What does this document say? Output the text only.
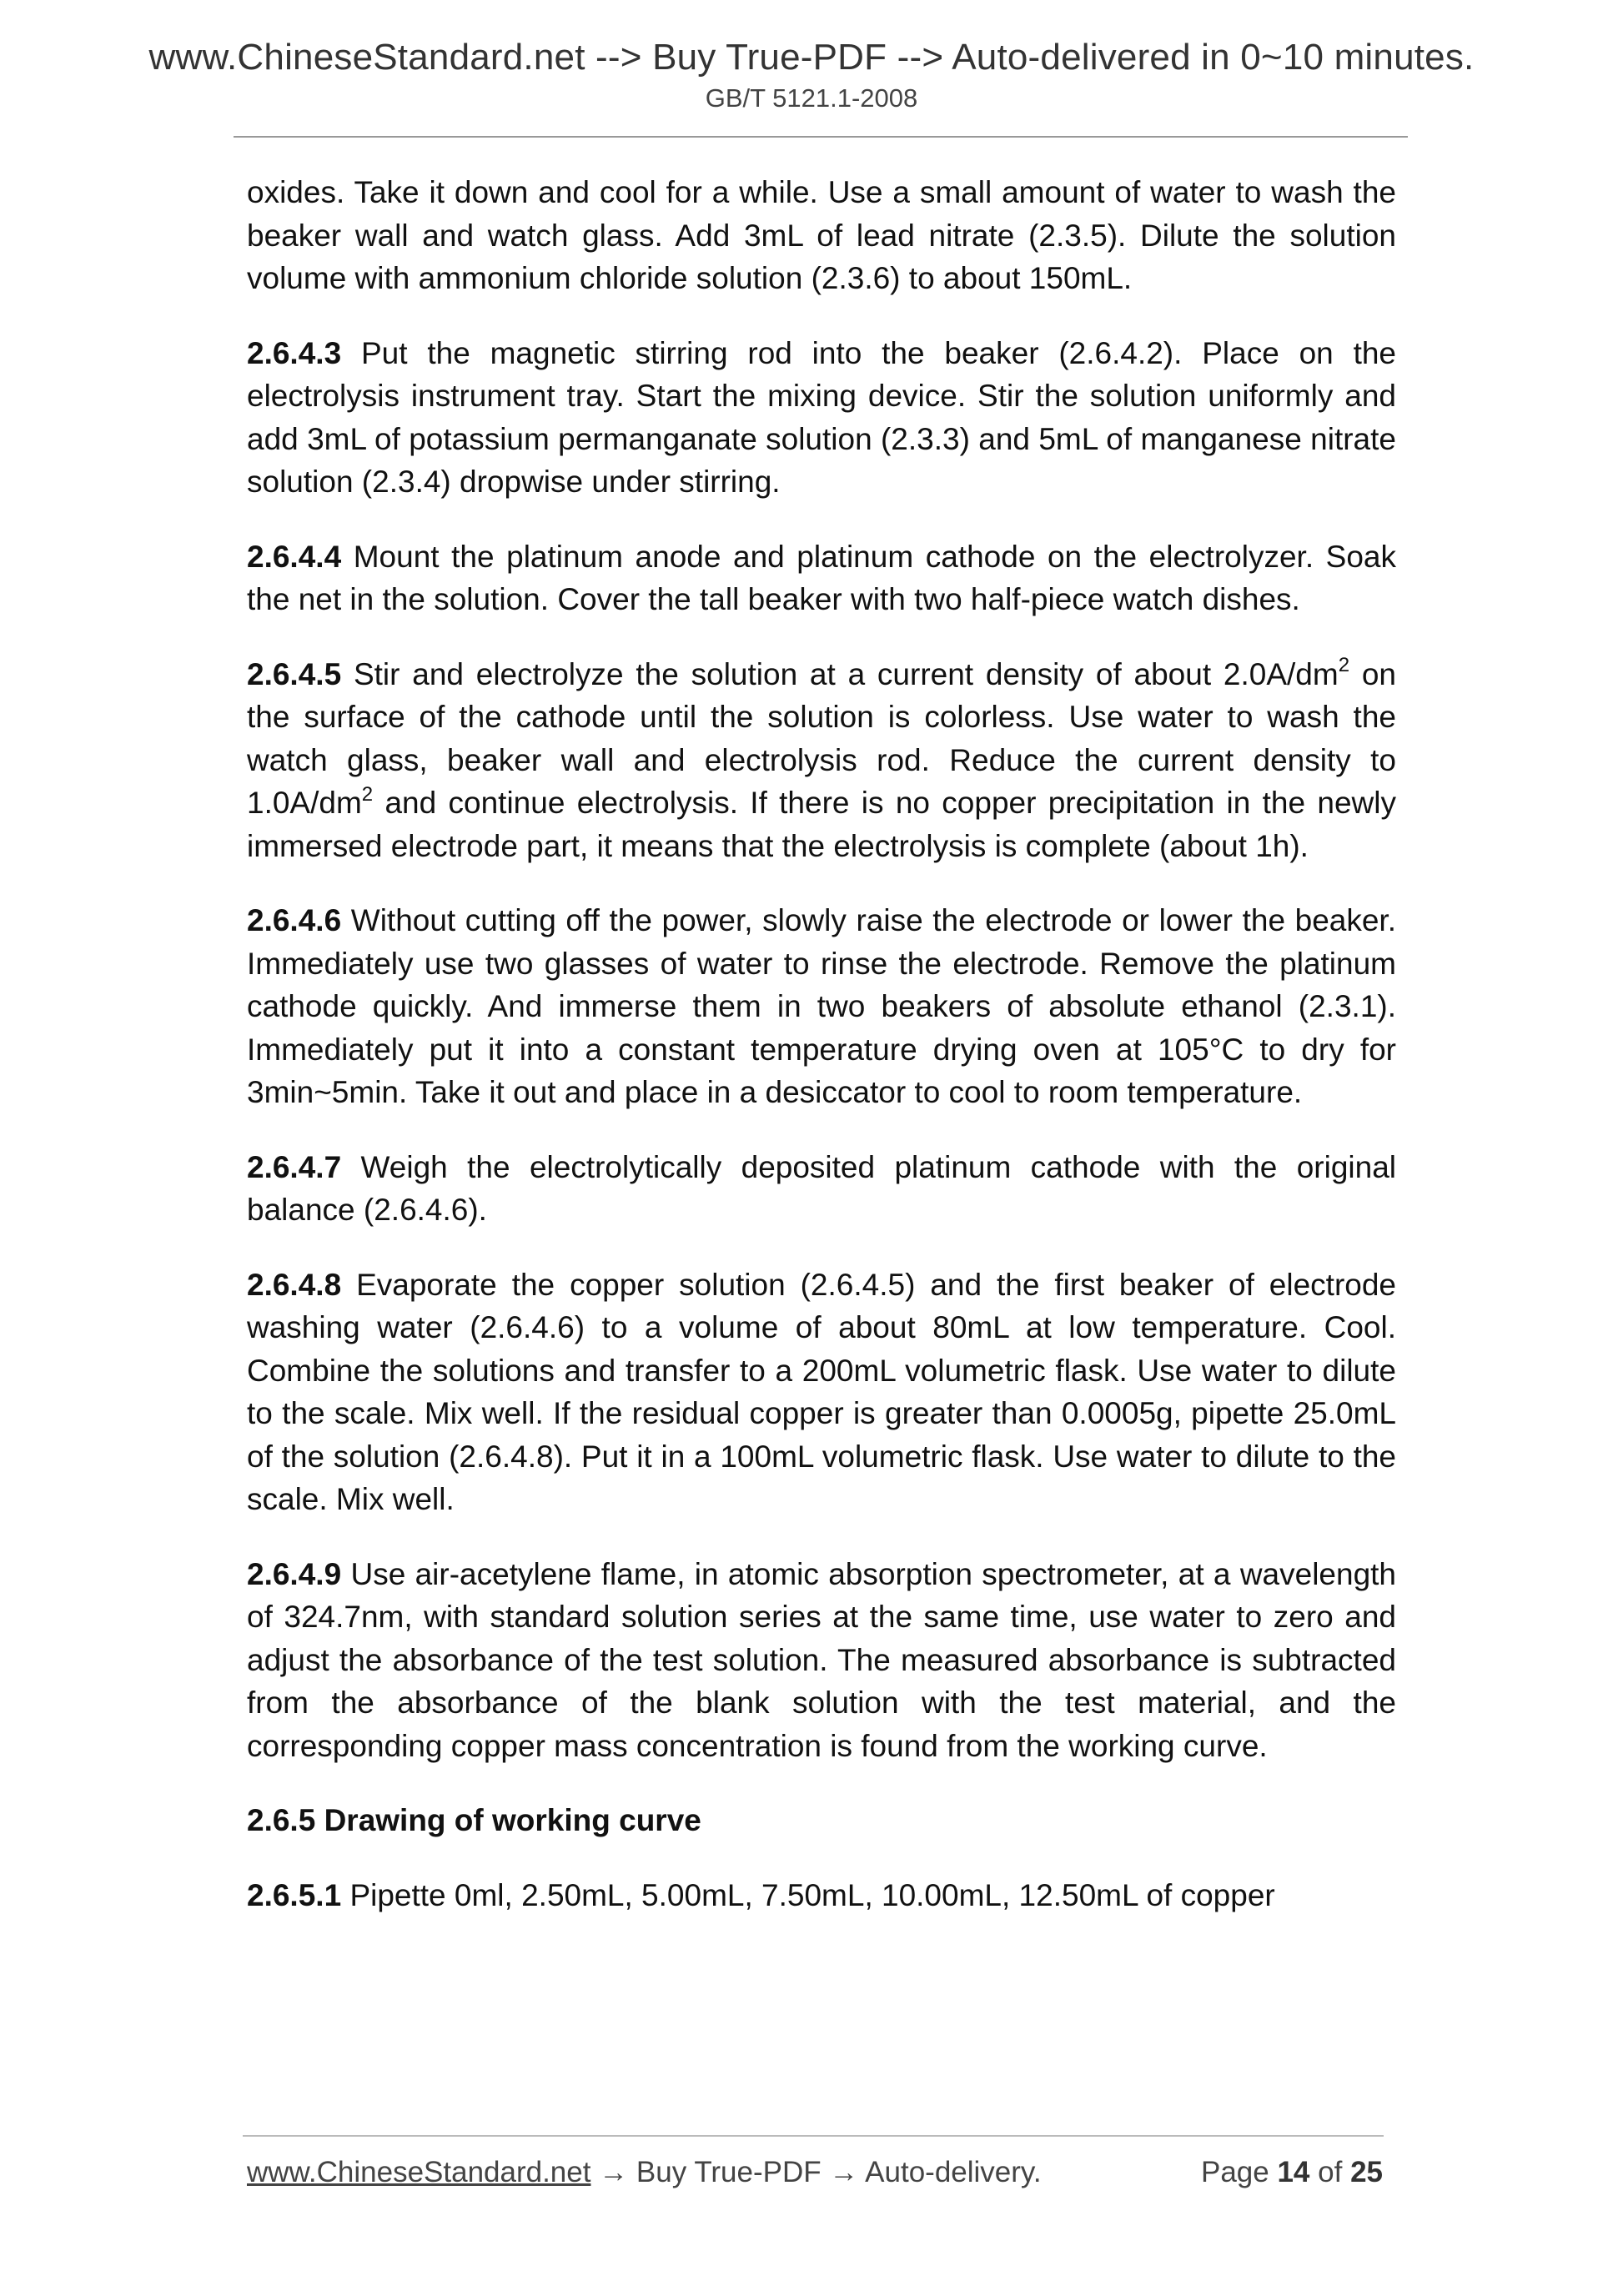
www.ChineseStandard.net --> Buy True-PDF --> Auto-delivered in 0~10 minutes.
GB/T 5121.1-2008

oxides. Take it down and cool for a while. Use a small amount of water to wash the beaker wall and watch glass. Add 3mL of lead nitrate (2.3.5). Dilute the solution volume with ammonium chloride solution (2.3.6) to about 150mL.

2.6.4.3 Put the magnetic stirring rod into the beaker (2.6.4.2). Place on the electrolysis instrument tray. Start the mixing device. Stir the solution uniformly and add 3mL of potassium permanganate solution (2.3.3) and 5mL of manganese nitrate solution (2.3.4) dropwise under stirring.

2.6.4.4 Mount the platinum anode and platinum cathode on the electrolyzer. Soak the net in the solution. Cover the tall beaker with two half-piece watch dishes.

2.6.4.5 Stir and electrolyze the solution at a current density of about $2.0A/dm^2$ on the surface of the cathode until the solution is colorless. Use water to wash the watch glass, beaker wall and electrolysis rod. Reduce the current density to $1.0A/dm^2$ and continue electrolysis. If there is no copper precipitation in the newly immersed electrode part, it means that the electrolysis is complete (about 1h).

2.6.4.6 Without cutting off the power, slowly raise the electrode or lower the beaker. Immediately use two glasses of water to rinse the electrode. Remove the platinum cathode quickly. And immerse them in two beakers of absolute ethanol (2.3.1). Immediately put it into a constant temperature drying oven at 105°C to dry for 3min~5min. Take it out and place in a desiccator to cool to room temperature.

2.6.4.7 Weigh the electrolytically deposited platinum cathode with the original balance (2.6.4.6).

2.6.4.8 Evaporate the copper solution (2.6.4.5) and the first beaker of electrode washing water (2.6.4.6) to a volume of about 80mL at low temperature. Cool. Combine the solutions and transfer to a 200mL volumetric flask. Use water to dilute to the scale. Mix well. If the residual copper is greater than 0.0005g, pipette 25.0mL of the solution (2.6.4.8). Put it in a 100mL volumetric flask. Use water to dilute to the scale. Mix well.

2.6.4.9 Use air-acetylene flame, in atomic absorption spectrometer, at a wavelength of 324.7nm, with standard solution series at the same time, use water to zero and adjust the absorbance of the test solution. The measured absorbance is subtracted from the absorbance of the blank solution with the test material, and the corresponding copper mass concentration is found from the working curve.

2.6.5 Drawing of working curve

2.6.5.1 Pipette 0ml, 2.50mL, 5.00mL, 7.50mL, 10.00mL, 12.50mL of copper

www.ChineseStandard.net → Buy True-PDF → Auto-delivery.	Page 14 of 25
